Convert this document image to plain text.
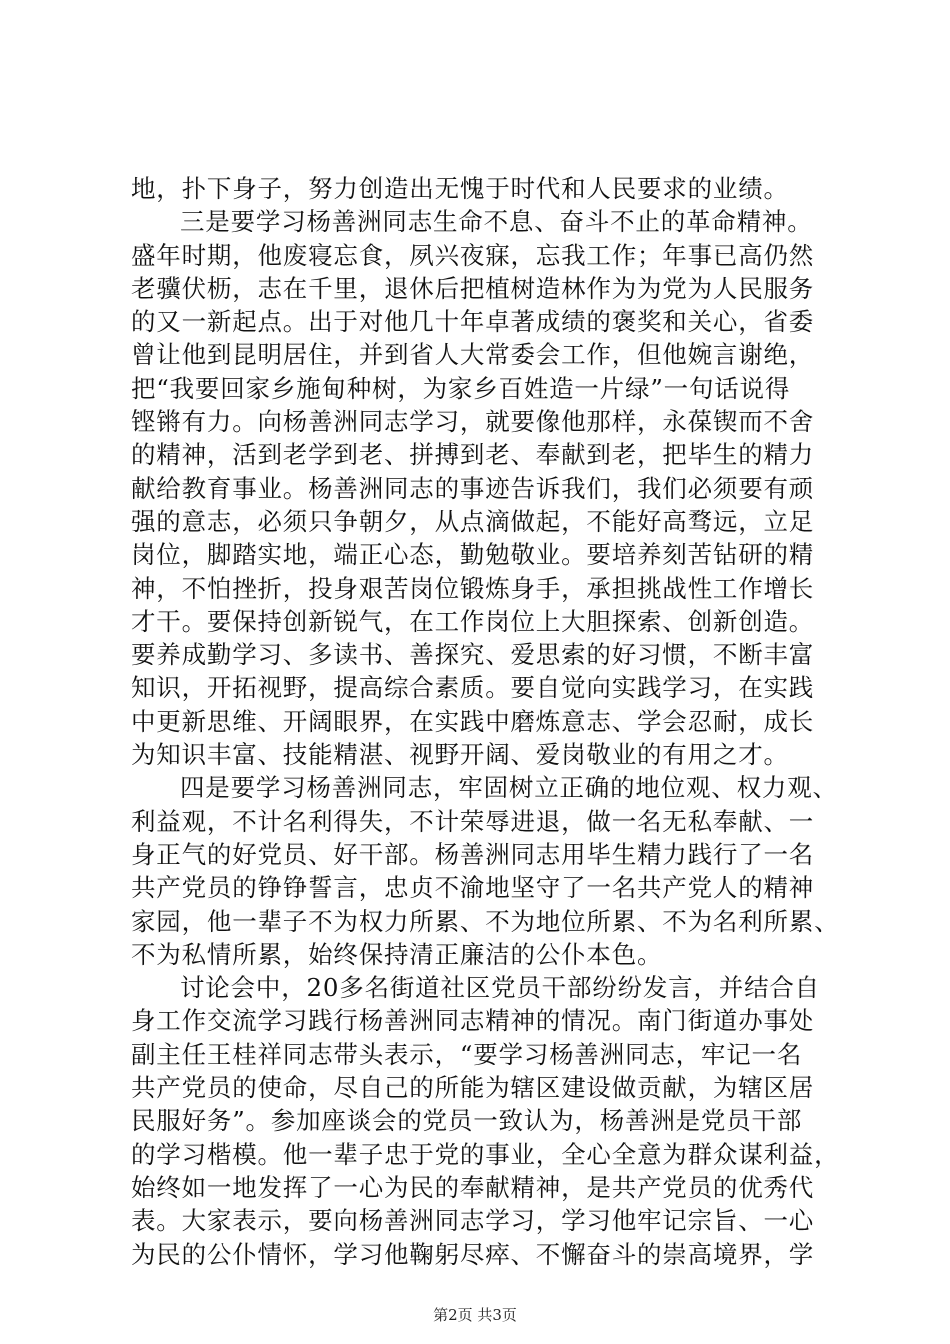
地，扑下身子，努力创造出无愧于时代和人民要求的业绩。
三是要学习杨善洲同志生命不息、奋斗不止的革命精神。
盛年时期，他废寝忘食，夙兴夜寐，忘我工作；年事已高仍然
老骥伏枥，志在千里，退休后把植树造林作为为党为人民服务
的又一新起点。出于对他几十年卓著成绩的褒奖和关心，省委
曾让他到昆明居住，并到省人大常委会工作，但他婉言谢绝，
把“我要回家乡施甸种树，为家乡百姓造一片绿”一句话说得
铿锵有力。向杨善洲同志学习，就要像他那样，永葆锲而不舍
的精神，活到老学到老、拼搏到老、奉献到老，把毕生的精力
献给教育事业。杨善洲同志的事迹告诉我们，我们必须要有顽
强的意志，必须只争朝夕，从点滴做起，不能好高骛远，立足
岗位，脚踏实地，端正心态，勤勉敬业。要培养刻苦钻研的精
神，不怕挫折，投身艰苦岗位锻炼身手，承担挑战性工作增长
才干。要保持创新锐气，在工作岗位上大胆探索、创新创造。
要养成勤学习、多读书、善探究、爱思索的好习惯，不断丰富
知识，开拓视野，提高综合素质。要自觉向实践学习，在实践
中更新思维、开阔眼界，在实践中磨炼意志、学会忍耐，成长
为知识丰富、技能精湛、视野开阔、爱岗敬业的有用之才。
四是要学习杨善洲同志，牢固树立正确的地位观、权力观、
利益观，不计名利得失，不计荣辱进退，做一名无私奉献、一
身正气的好党员、好干部。杨善洲同志用毕生精力践行了一名
共产党员的铮铮誓言，忠贞不渝地坚守了一名共产党人的精神
家园，他一辈子不为权力所累、不为地位所累、不为名利所累、
不为私情所累，始终保持清正廉洁的公仆本色。
讨论会中，20多名街道社区党员干部纷纷发言，并结合自
身工作交流学习践行杨善洲同志精神的情况。南门街道办事处
副主任王桂祥同志带头表示，“要学习杨善洲同志，牢记一名
共产党员的使命，尽自己的所能为辖区建设做贡献，为辖区居
民服好务”。参加座谈会的党员一致认为，杨善洲是党员干部
的学习楷模。他一辈子忠于党的事业，全心全意为群众谋利益，
始终如一地发挥了一心为民的奉献精神，是共产党员的优秀代
表。大家表示，要向杨善洲同志学习，学习他牢记宗旨、一心
为民的公仆情怀，学习他鞠躬尽瘁、不懈奋斗的崇高境界，学
第2页 共3页
